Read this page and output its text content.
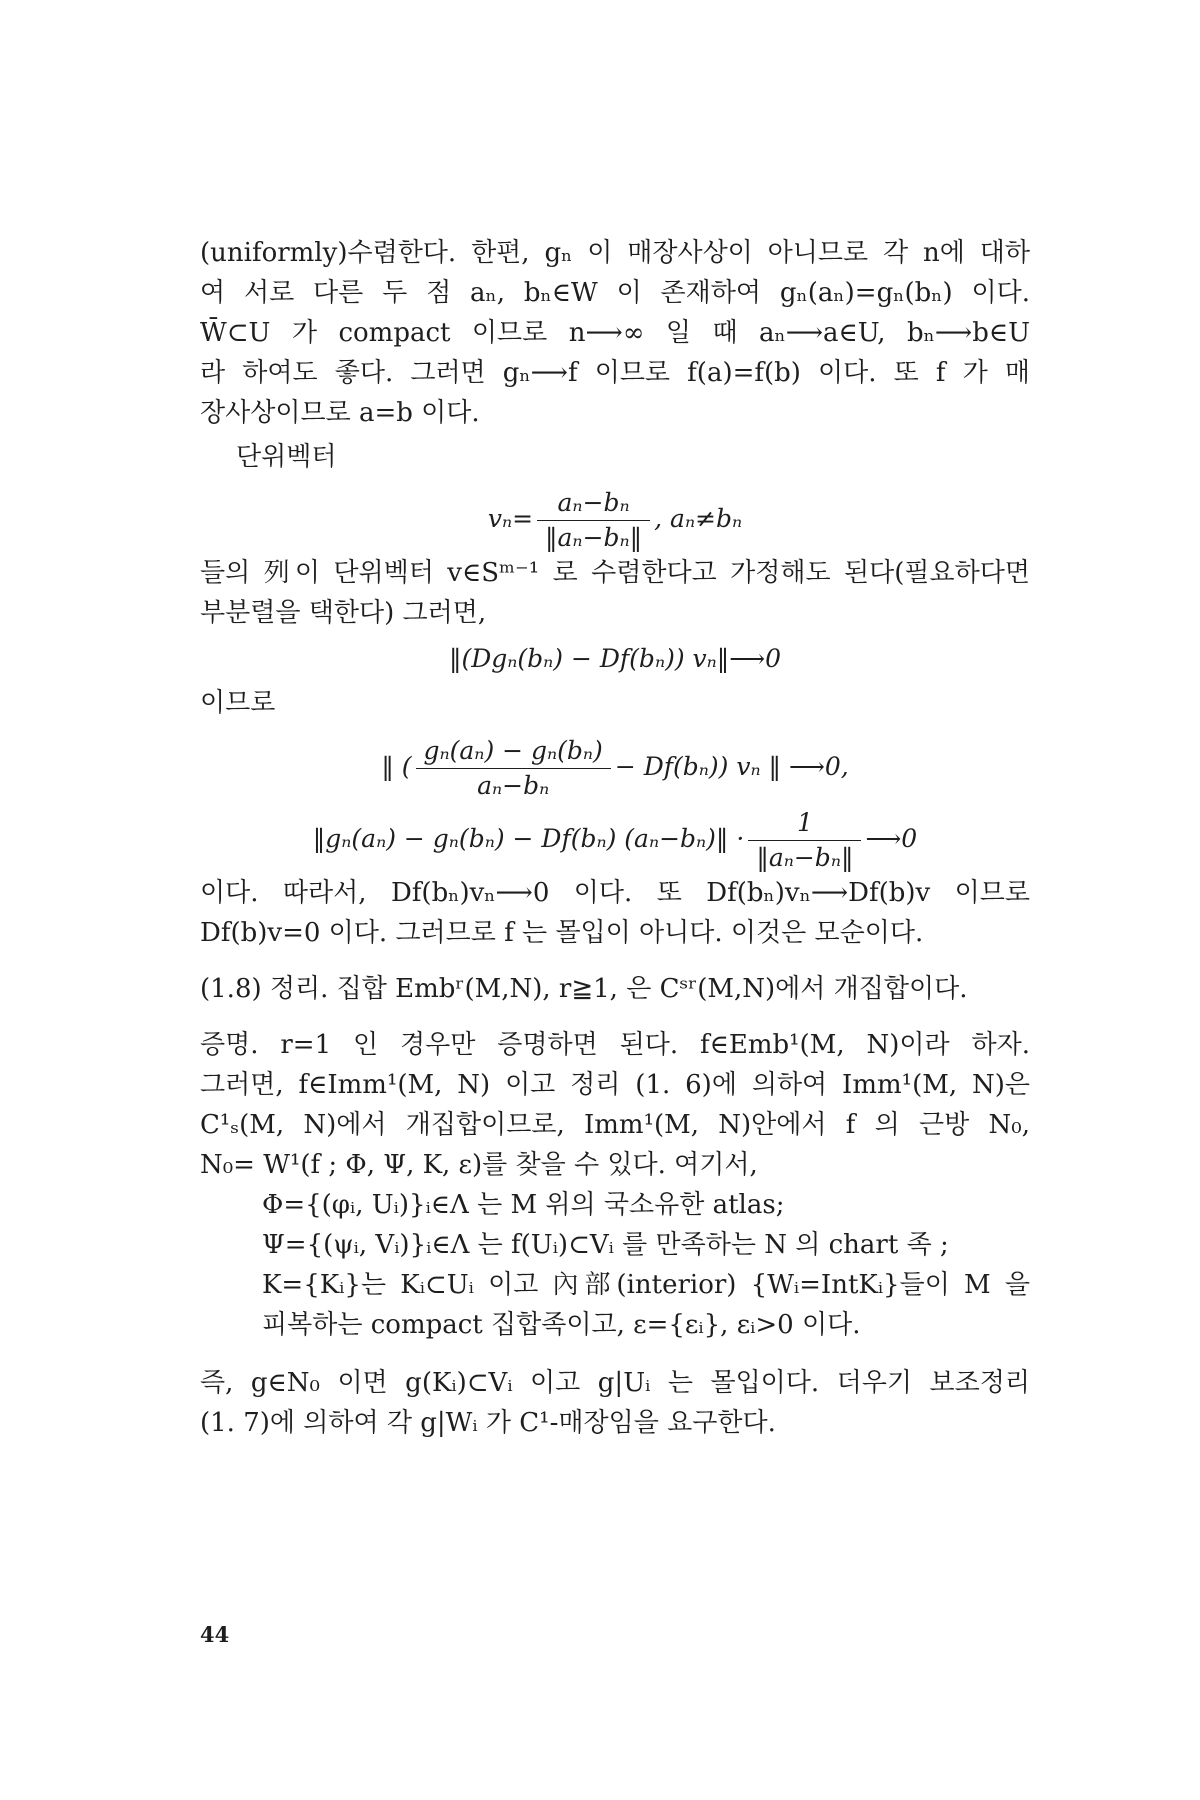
(uniformly)수렴한다. 한편, gₙ 이 매장사상이 아니므로 각 n에 대하
여 서로 다른 두 점 aₙ, bₙ∈W 이 존재하여 gₙ(aₙ)=gₙ(bₙ) 이다.
W̄⊂U 가 compact 이므로 n⟶∞ 일 때 aₙ⟶a∈U, bₙ⟶b∈U
라 하여도 좋다. 그러면 gₙ⟶f 이므로 f(a)=f(b) 이다. 또 f 가 매
장사상이므로 a=b 이다.
단위벡터
$v_n= \frac{\text{aₙ−bₙ}}{\text{‖aₙ−bₙ‖}}$ , aₙ≠bₙ
들의 列이 단위벡터 v∈Sᵐ⁻¹ 로 수렴한다고 가정해도 된다(필요하다면
부분렬을 택한다) 그러면,
‖(Dgₙ(bₙ) − Df(bₙ)) vₙ‖⟶0
이므로
‖ ( $\frac{\text{gₙ(aₙ) − gₙ(bₙ)}}{\text{aₙ−bₙ}} - Df(b_n)$) vₙ ‖ ⟶0,
‖gₙ(aₙ) − gₙ(bₙ) − Df(bₙ) (aₙ−bₙ)‖ · $\frac{1}{\text{‖aₙ−bₙ‖}}$ ⟶0
이다. 따라서, Df(bₙ)vₙ⟶0 이다. 또 Df(bₙ)vₙ⟶Df(b)v 이므로
Df(b)v=0 이다. 그러므로 f 는 몰입이 아니다. 이것은 모순이다.
(1.8) 정리. 집합 Embʳ(M,N), r≧1, 은 Cˢʳ(M,N)에서 개집합이다.
증명. r=1 인 경우만 증명하면 된다. f∈Emb¹(M, N)이라 하자.
그러면, f∈Imm¹(M, N) 이고 정리 (1. 6)에 의하여 Imm¹(M, N)은
C¹ₛ(M, N)에서 개집합이므로, Imm¹(M, N)안에서 f 의 근방 N₀,
N₀= W¹(f ; Φ, Ψ, K, ε)를 찾을 수 있다. 여기서,
Φ={(φᵢ, Uᵢ)}ᵢ∈Λ 는 M 위의 국소유한 atlas;
Ψ={(ψᵢ, Vᵢ)}ᵢ∈Λ 는 f(Uᵢ)⊂Vᵢ 를 만족하는 N 의 chart 족 ;
K={Kᵢ}는 Kᵢ⊂Uᵢ 이고 內部(interior) {Wᵢ=IntKᵢ}들이 M 을
피복하는 compact 집합족이고, ε={εᵢ}, εᵢ>0 이다.
즉, g∈N₀ 이면 g(Kᵢ)⊂Vᵢ 이고 g|Uᵢ 는 몰입이다. 더우기 보조정리
(1. 7)에 의하여 각 g|Wᵢ 가 C¹-매장임을 요구한다.
44
